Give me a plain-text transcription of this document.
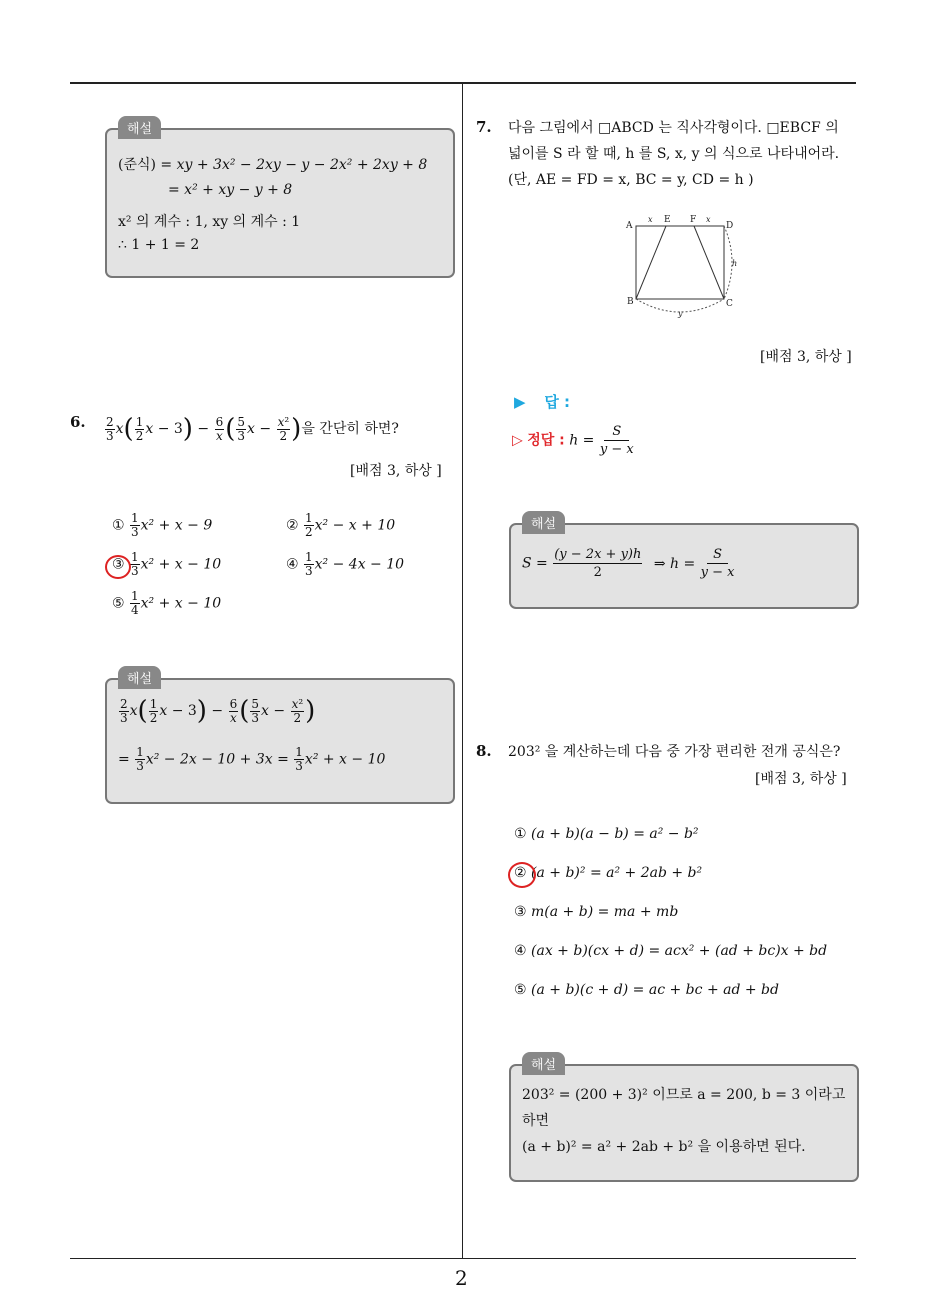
2
해설
(준식) = xy + 3x² − 2xy − y − 2x² + 2xy + 8
= x² + xy − y + 8
x² 의 계수 : 1, xy 의 계수 : 1
∴ 1 + 1 = 2
6. $\frac{2}{3} x( \frac{1}{2}$ $x - 3) - \frac{6}{x}$ ( $\frac{5}{3}$ $x - \frac{\text{x²}}{2}$ )을 간단히 하면?
[배점 3, 하상 ]
① $\frac{1}{3} x^2 + x - 9$	② $\frac{1}{2} x^2 - x + 10$
③ $\frac{1}{3} x^2 + x - 10$	④ $\frac{1}{3} x^2 - 4x - 10$
⑤ $\frac{1}{4} x^2 + x - 10$
해설
$\frac{2}{3} x( \frac{1}{2}$ $x - 3) - \frac{6}{x}$ ( $\frac{5}{3}$ $x - \frac{\text{x²}}{2}$ )
= $\frac{1}{3} x^2 - 2x - 10 + 3x = \frac{1}{3} x^2 + x - 10$
7. 다음 그림에서 □ABCD 는 직사각형이다. □EBCF 의
넓이를 S 라 할 때, h 를 S, x, y 의 식으로 나타내어라.
(단, AE = FD = x, BC = y, CD = h )
A
B	C
D
E F
x	x
h
y
[배점 3, 하상 ]
▶ 답 :
▷ 정답 : $h = \frac{S}{y - x}$
해설
$S = \frac{(y - 2x + y)h}{2}$ ⇒ $h = \frac{S}{y - x}$
8. 203² 을 계산하는데 다음 중 가장 편리한 전개 공식은?
[배점 3, 하상 ]
① (a + b)(a − b) = a² − b²
② (a + b)² = a² + 2ab + b²
③ m(a + b) = ma + mb
④ (ax + b)(cx + d) = acx² + (ad + bc)x + bd
⑤ (a + b)(c + d) = ac + bc + ad + bd
해설
203² = (200 + 3)² 이므로 a = 200, b = 3 이라고
하면
(a + b)² = a² + 2ab + b² 을 이용하면 된다.
